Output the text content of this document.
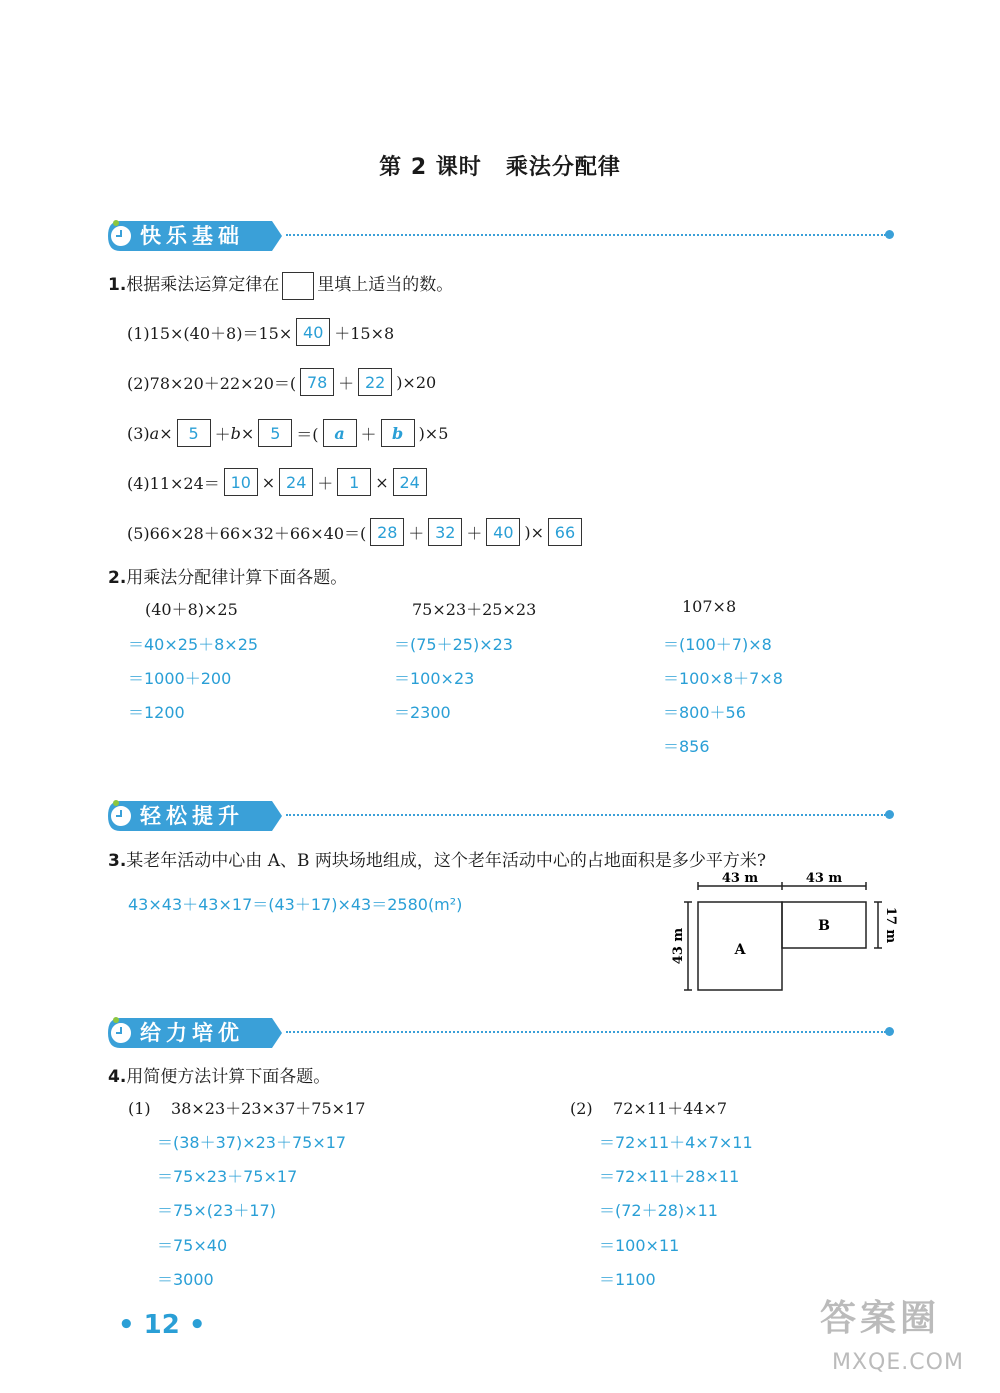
第 2 课时 乘法分配律
快乐基础
1.根据乘法运算定律在 里填上适当的数。
(1)15×(40＋8)＝15× 40 ＋15×8
(2)78×20＋22×20＝( 78 ＋ 22 )×20
(3) a × 5 ＋ b × 5 ＝( a ＋ b )×5
(4)11×24＝ 10 × 24 ＋ 1 × 24
(5)66×28＋66×32＋66×40＝( 28 ＋ 32 ＋ 40 )× 66
2.用乘法分配律计算下面各题。
(40＋8)×25
＝40×25＋8×25
＝1000＋200
＝1200
75×23＋25×23
＝(75＋25)×23
＝100×23
＝2300
107×8
＝(100＋7)×8
＝100×8＋7×8
＝800＋56
＝856
轻松提升
3.某老年活动中心由 A、B 两块场地组成，这个老年活动中心的占地面积是多少平方米?
43×43＋43×17＝(43＋17)×43＝2580(m²)
A
B
43 m	43 m
43 m
17 m
给力培优
4.用简便方法计算下面各题。
(1) 38×23＋23×37＋75×17
＝(38＋37)×23＋75×17
＝75×23＋75×17
＝75×(23＋17)
＝75×40
＝3000
(2) 72×11＋44×7
＝72×11＋4×7×11
＝72×11＋28×11
＝(72＋28)×11
＝100×11
＝1100
• 12 •	答案圈
MXQE.COM
